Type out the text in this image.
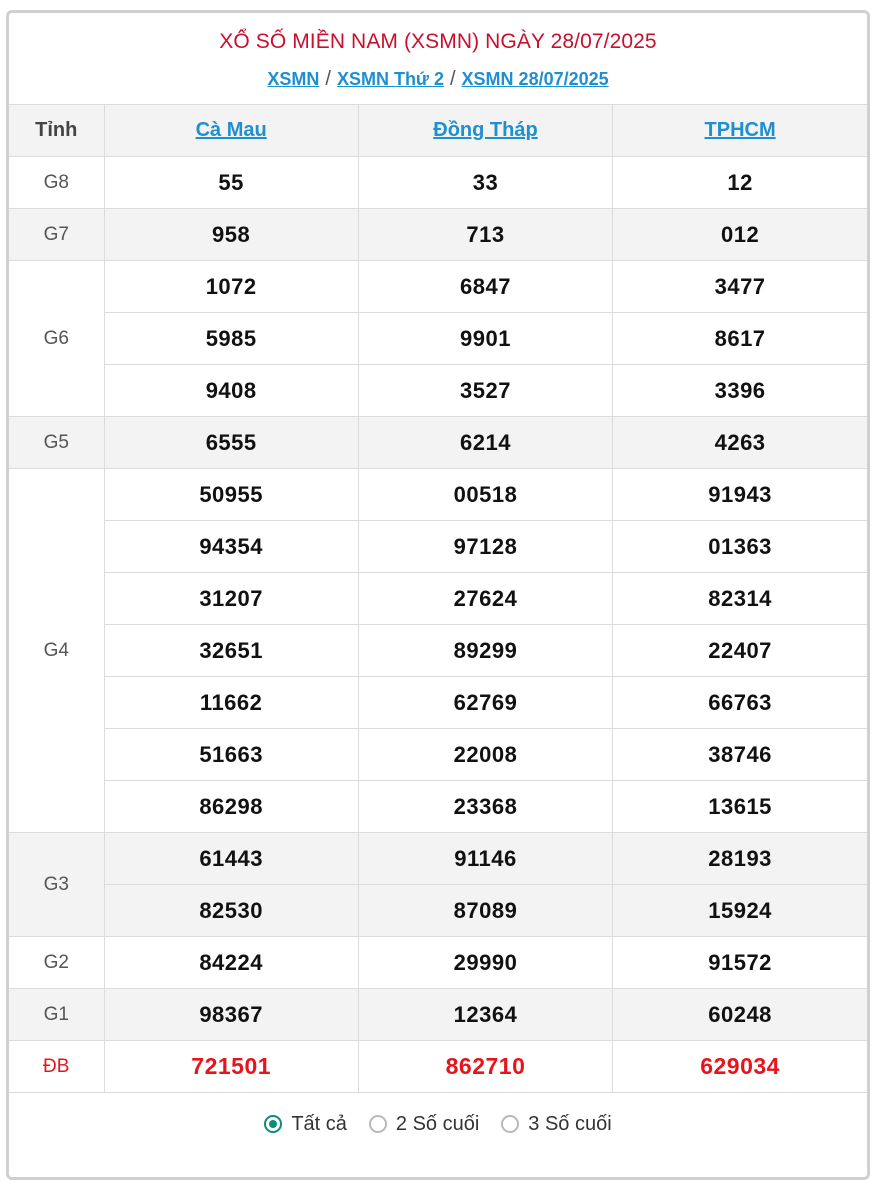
XỔ SỐ MIỀN NAM (XSMN) NGÀY 28/07/2025
XSMN / XSMN Thứ 2 / XSMN 28/07/2025
Tỉnh	Cà Mau	Đồng Tháp	TPHCM
G8	55	33	12
G7	958	713	012
G6	1072	6847	3477
	5985	9901	8617
	9408	3527	3396
G5	6555	6214	4263
G4	50955	00518	91943
	94354	97128	01363
	31207	27624	82314
	32651	89299	22407
	11662	62769	66763
	51663	22008	38746
	86298	23368	13615
G3	61443	91146	28193
	82530	87089	15924
G2	84224	29990	91572
G1	98367	12364	60248
ĐB	721501	862710	629034
Tất cả 2 Số cuối 3 Số cuối
